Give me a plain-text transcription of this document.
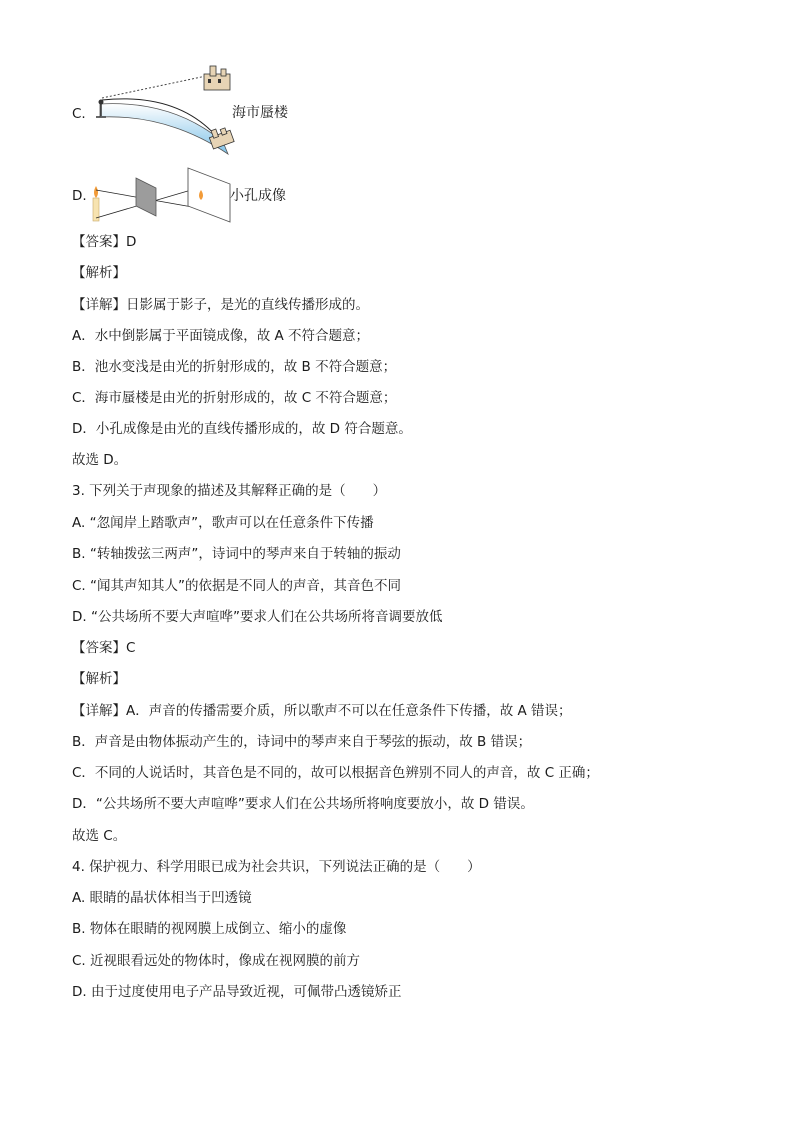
C.	海市蜃楼
D.	小孔成像
【答案】D
【解析】
【详解】日影属于影子，是光的直线传播形成的。
A．水中倒影属于平面镜成像，故 A 不符合题意；
B．池水变浅是由光的折射形成的，故 B 不符合题意；
C．海市蜃楼是由光的折射形成的，故 C 不符合题意；
D．小孔成像是由光的直线传播形成的，故 D 符合题意。
故选 D。
3. 下列关于声现象的描述及其解释正确的是（　　）
A. “忽闻岸上踏歌声”，歌声可以在任意条件下传播
B. “转轴拨弦三两声”，诗词中的琴声来自于转轴的振动
C. “闻其声知其人”的依据是不同人的声音，其音色不同
D. “公共场所不要大声喧哗”要求人们在公共场所将音调要放低
【答案】C
【解析】
【详解】A．声音的传播需要介质，所以歌声不可以在任意条件下传播，故 A 错误；
B．声音是由物体振动产生的，诗词中的琴声来自于琴弦的振动，故 B 错误；
C．不同的人说话时，其音色是不同的，故可以根据音色辨别不同人的声音，故 C 正确；
D．“公共场所不要大声喧哗”要求人们在公共场所将响度要放小，故 D 错误。
故选 C。
4. 保护视力、科学用眼已成为社会共识，下列说法正确的是（　　）
A. 眼睛的晶状体相当于凹透镜
B. 物体在眼睛的视网膜上成倒立、缩小的虚像
C. 近视眼看远处的物体时，像成在视网膜的前方
D. 由于过度使用电子产品导致近视，可佩带凸透镜矫正
